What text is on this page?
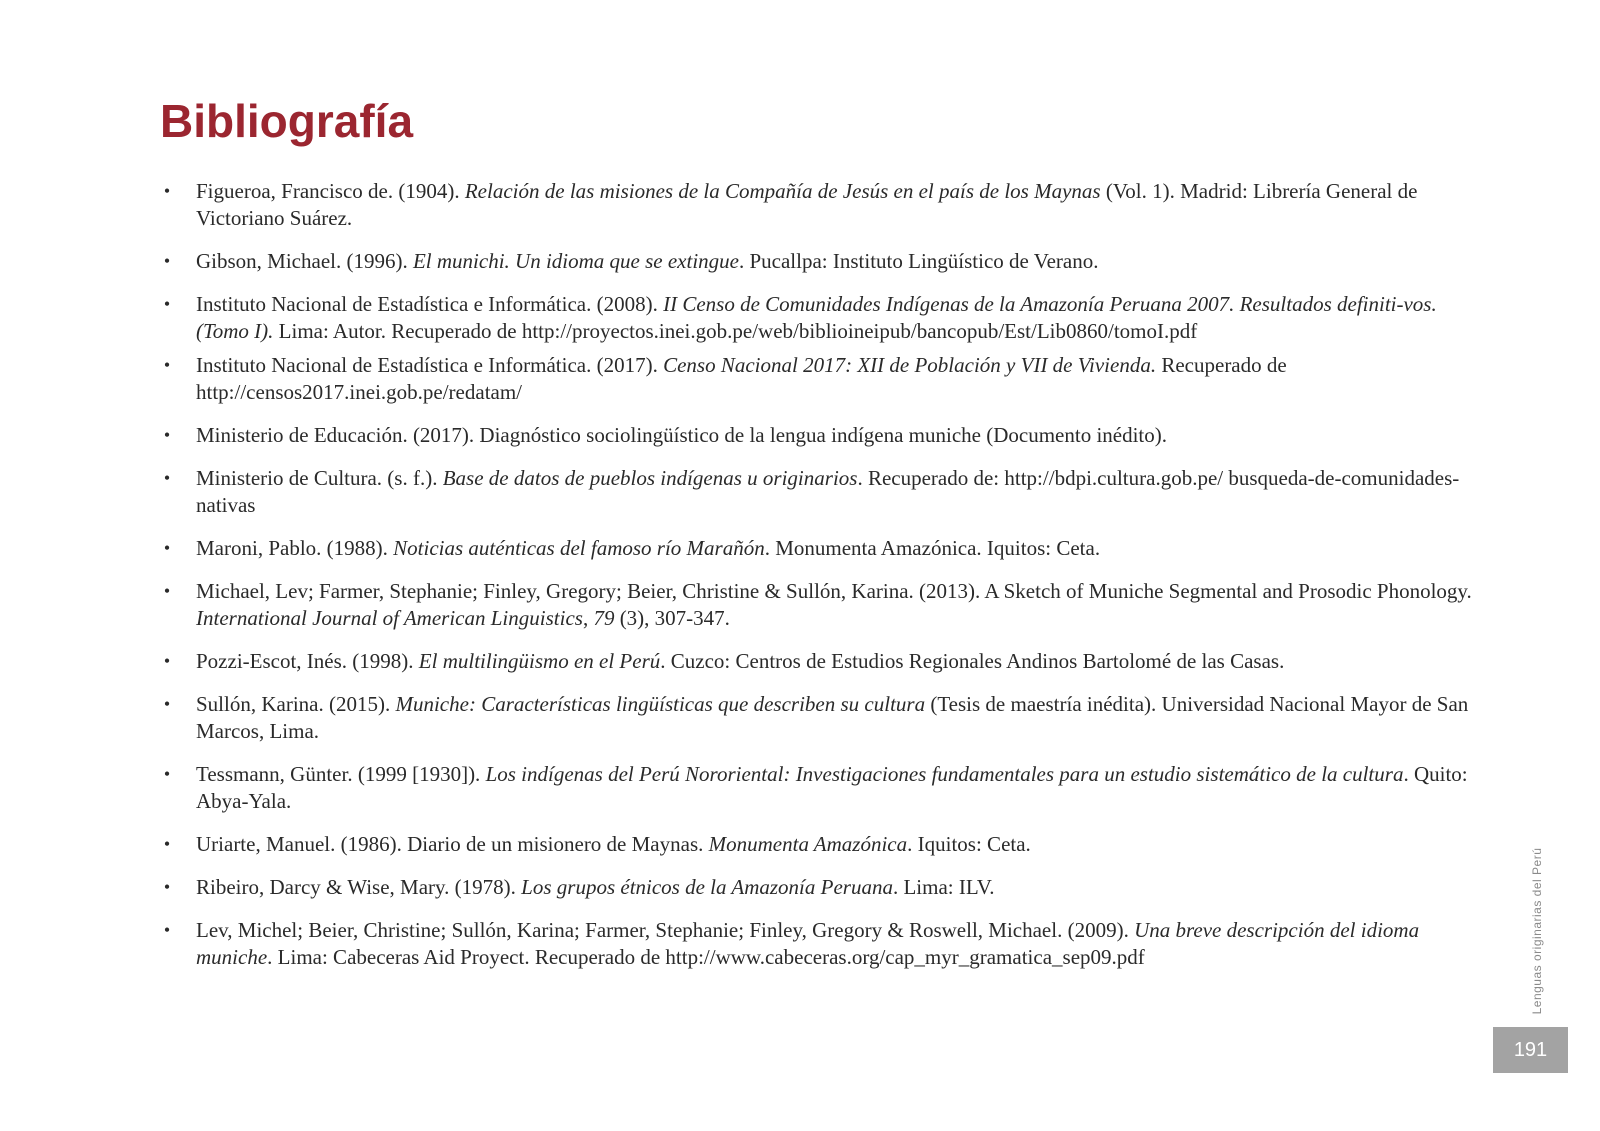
Bibliografía
• Figueroa, Francisco de. (1904). Relación de las misiones de la Compañía de Jesús en el país de los Maynas (Vol. 1). Madrid: Librería General de Victoriano Suárez.
• Gibson, Michael. (1996). El munichi. Un idioma que se extingue. Pucallpa: Instituto Lingüístico de Verano.
• Instituto Nacional de Estadística e Informática. (2008). II Censo de Comunidades Indígenas de la Amazonía Peruana 2007. Resultados definiti-vos. (Tomo I). Lima: Autor. Recuperado de http://proyectos.inei.gob.pe/web/biblioineipub/bancopub/Est/Lib0860/tomoI.pdf
• Instituto Nacional de Estadística e Informática. (2017). Censo Nacional 2017: XII de Población y VII de Vivienda. Recuperado de http://censos2017.inei.gob.pe/redatam/
• Ministerio de Educación. (2017). Diagnóstico sociolingüístico de la lengua indígena muniche (Documento inédito).
• Ministerio de Cultura. (s. f.). Base de datos de pueblos indígenas u originarios. Recuperado de: http://bdpi.cultura.gob.pe/ busqueda-de-comunidades-nativas
• Maroni, Pablo. (1988). Noticias auténticas del famoso río Marañón. Monumenta Amazónica. Iquitos: Ceta.
• Michael, Lev; Farmer, Stephanie; Finley, Gregory; Beier, Christine & Sullón, Karina. (2013). A Sketch of Muniche Segmental and Prosodic Phonology. International Journal of American Linguistics, 79 (3), 307-347.
• Pozzi-Escot, Inés. (1998). El multilingüismo en el Perú. Cuzco: Centros de Estudios Regionales Andinos Bartolomé de las Casas.
• Sullón, Karina. (2015). Muniche: Características lingüísticas que describen su cultura (Tesis de maestría inédita). Universidad Nacional Mayor de San Marcos, Lima.
• Tessmann, Günter. (1999 [1930]). Los indígenas del Perú Nororiental: Investigaciones fundamentales para un estudio sistemático de la cultura. Quito: Abya-Yala.
• Uriarte, Manuel. (1986). Diario de un misionero de Maynas. Monumenta Amazónica. Iquitos: Ceta.
• Ribeiro, Darcy & Wise, Mary. (1978). Los grupos étnicos de la Amazonía Peruana. Lima: ILV.
• Lev, Michel; Beier, Christine; Sullón, Karina; Farmer, Stephanie; Finley, Gregory & Roswell, Michael. (2009). Una breve descripción del idioma muniche. Lima: Cabeceras Aid Proyect. Recuperado de http://www.cabeceras.org/cap_myr_gramatica_sep09.pdf	Lenguas originarias del Perú
191
